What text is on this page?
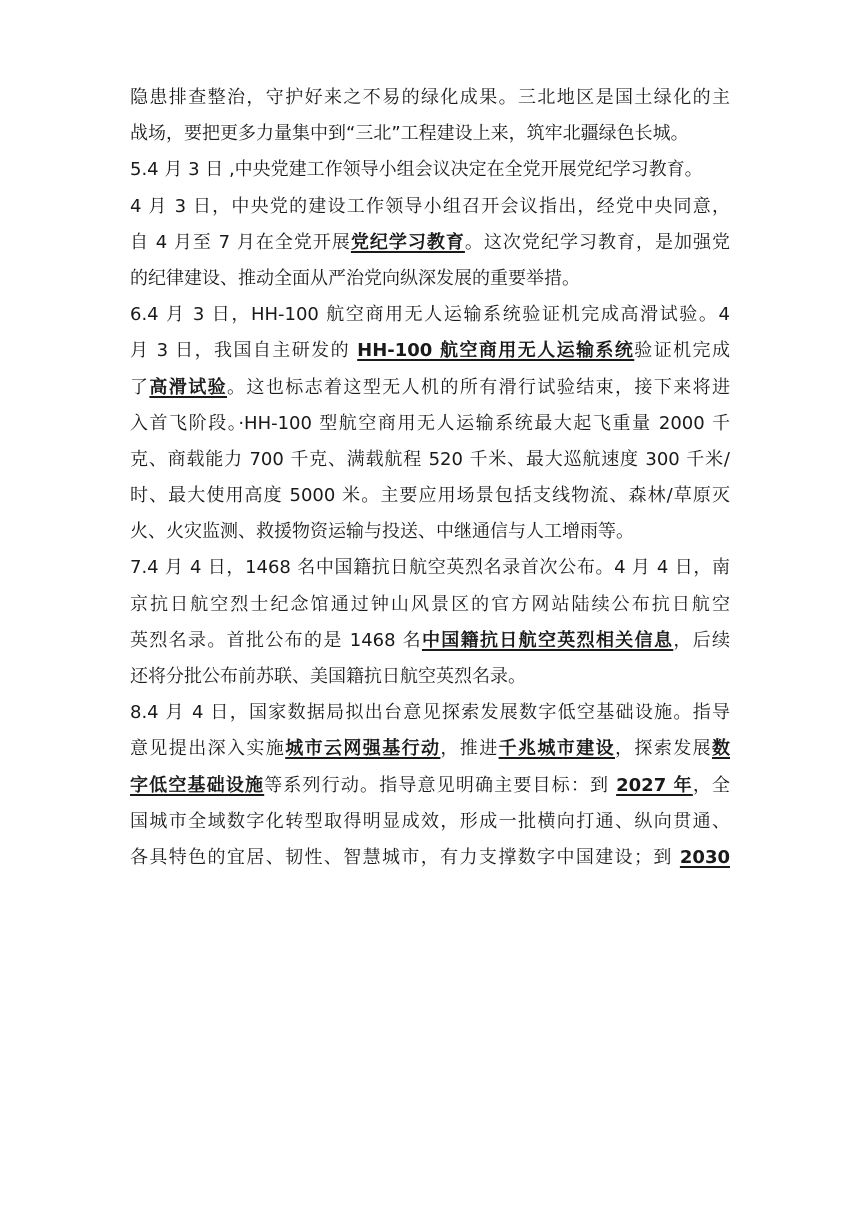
隐患排查整治，守护好来之不易的绿化成果。三北地区是国土绿化的主
战场，要把更多力量集中到“三北”工程建设上来，筑牢北疆绿色长城。
5.4 月 3 日 ,中央党建工作领导小组会议决定在全党开展党纪学习教育。
4 月 3 日，中央党的建设工作领导小组召开会议指出，经党中央同意，
自 4 月至 7 月在全党开展党纪学习教育。这次党纪学习教育，是加强党
的纪律建设、推动全面从严治党向纵深发展的重要举措。
6.4 月 3 日，HH-100 航空商用无人运输系统验证机完成高滑试验。4
月 3 日，我国自主研发的 HH-100 航空商用无人运输系统验证机完成
了高滑试验。这也标志着这型无人机的所有滑行试验结束，接下来将进
入首飞阶段。·HH-100 型航空商用无人运输系统最大起飞重量 2000 千
克、商载能力 700 千克、满载航程 520 千米、最大巡航速度 300 千米/
时、最大使用高度 5000 米。主要应用场景包括支线物流、森林/草原灭
火、火灾监测、救援物资运输与投送、中继通信与人工增雨等。
7.4 月 4 日，1468 名中国籍抗日航空英烈名录首次公布。4 月 4 日，南
京抗日航空烈士纪念馆通过钟山风景区的官方网站陆续公布抗日航空
英烈名录。首批公布的是 1468 名中国籍抗日航空英烈相关信息，后续
还将分批公布前苏联、美国籍抗日航空英烈名录。
8.4 月 4 日，国家数据局拟出台意见探索发展数字低空基础设施。指导
意见提出深入实施城市云网强基行动，推进千兆城市建设，探索发展数
字低空基础设施等系列行动。指导意见明确主要目标：到 2027 年，全
国城市全域数字化转型取得明显成效，形成一批横向打通、纵向贯通、
各具特色的宜居、韧性、智慧城市，有力支撑数字中国建设；到 2030
